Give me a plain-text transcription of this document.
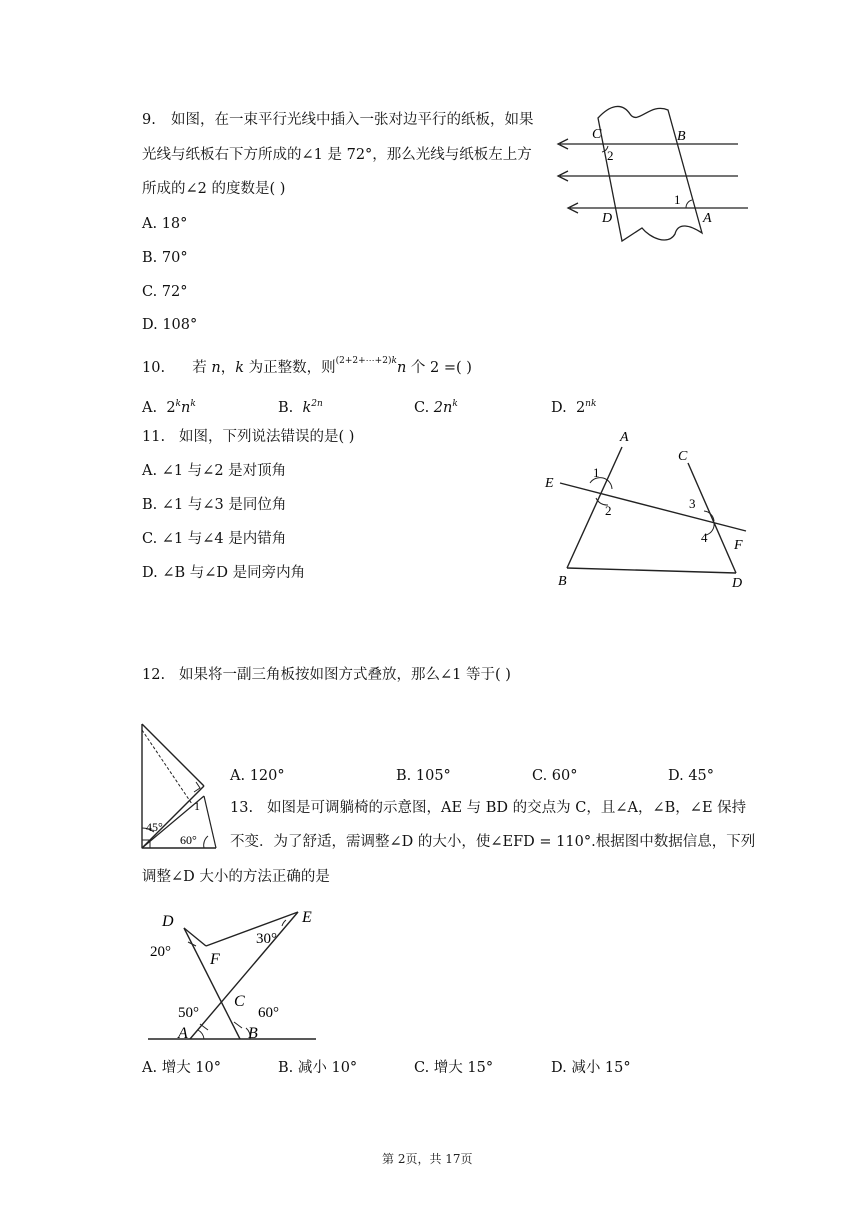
9. 如图，在一束平行光线中插入一张对边平行的纸板，如果
光线与纸板右下方所成的∠1 是 72°，那么光线与纸板左上方
所成的∠2 的度数是( )
A. 18°
B. 70°
C. 72°
D. 108°
C	B
D	A
2
1
10. 若 n，k 为正整数，则$^{(2+2+\cdots+2)k}$n 个 2 =( )
A. $2^kn^k$	B. $k^{2n}$	C. $2n^k$	D. $2^{nk}$
11. 如图，下列说法错误的是( )
A. ∠1 与∠2 是对顶角
B. ∠1 与∠3 是同位角
C. ∠1 与∠4 是内错角
D. ∠B 与∠D 是同旁内角
A
C
E
F
B	D
1
2	3
4
12. 如果将一副三角板按如图方式叠放，那么∠1 等于( )
45°
60°
1
A. 120°	B. 105°	C. 60°	D. 45°
13. 如图是可调躺椅的示意图，AE 与 BD 的交点为 C，且∠A，∠B，∠E 保持
不变．为了舒适，需调整∠D 的大小，使∠EFD = 110°.根据图中数据信息，下列
调整∠D 大小的方法正确的是
D	E
F
C
A	B
20°
30°
50°	60°
A. 增大 10°	B. 减小 10°	C. 增大 15°	D. 减小 15°
第 2页，共 17页
